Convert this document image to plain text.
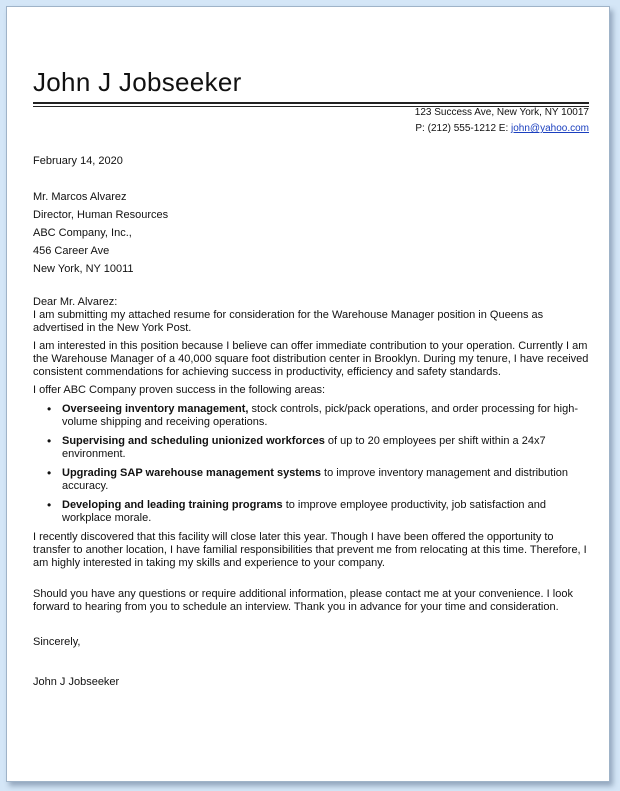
John J Jobseeker
123 Success Ave, New York, NY 10017
P: (212) 555-1212 E: john@yahoo.com

February 14, 2020

Mr. Marcos Alvarez
Director, Human Resources
ABC Company, Inc.,
456 Career Ave
New York, NY 10011

Dear Mr. Alvarez:

I am submitting my attached resume for consideration for the Warehouse Manager position in Queens as advertised in the New York Post.

I am interested in this position because I believe can offer immediate contribution to your operation. Currently I am the Warehouse Manager of a 40,000 square foot distribution center in Brooklyn. During my tenure, I have received consistent commendations for achieving success in productivity, efficiency and safety standards.

I offer ABC Company proven success in the following areas:

• Overseeing inventory management, stock controls, pick/pack operations, and order processing for high-volume shipping and receiving operations.
• Supervising and scheduling unionized workforces of up to 20 employees per shift within a 24x7 environment.
• Upgrading SAP warehouse management systems to improve inventory management and distribution accuracy.
• Developing and leading training programs to improve employee productivity, job satisfaction and workplace morale.

I recently discovered that this facility will close later this year. Though I have been offered the opportunity to transfer to another location, I have familial responsibilities that prevent me from relocating at this time. Therefore, I am highly interested in taking my skills and experience to your company.

Should you have any questions or require additional information, please contact me at your convenience. I look forward to hearing from you to schedule an interview. Thank you in advance for your time and consideration.

Sincerely,

John J Jobseeker
